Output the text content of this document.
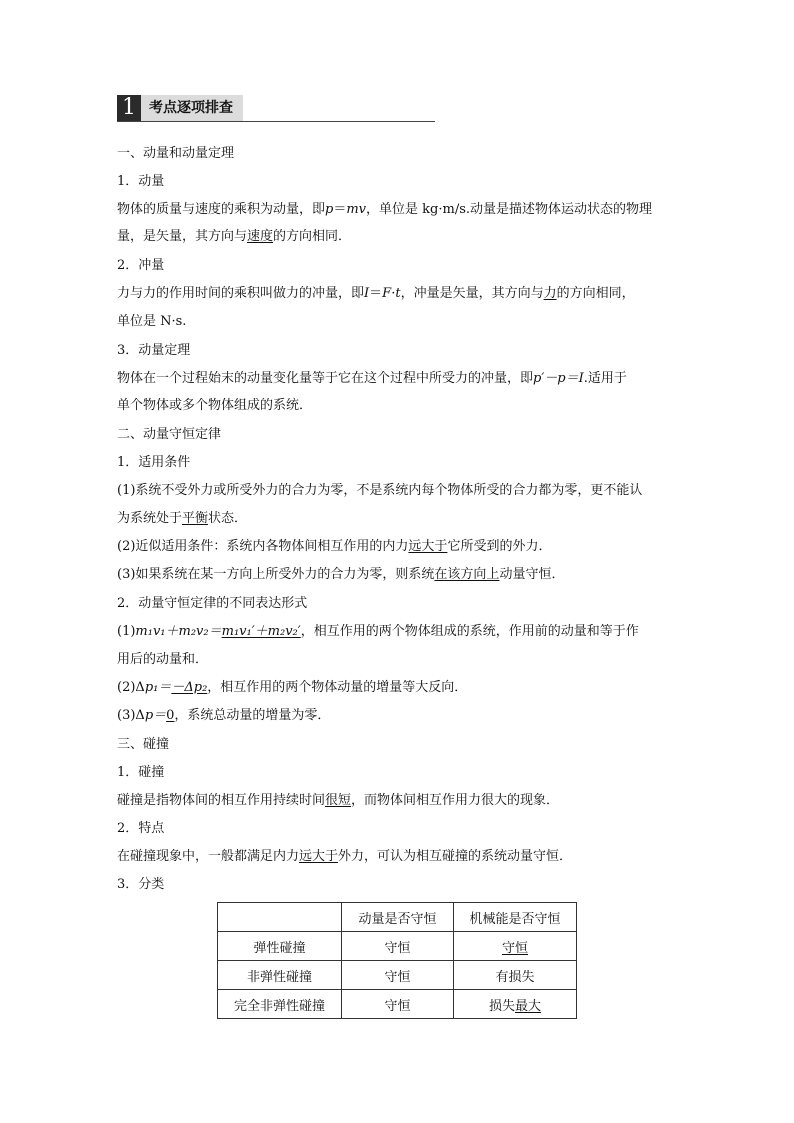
1 考点逐项排查
一、动量和动量定理
1．动量
物体的质量与速度的乘积为动量，即p＝mv，单位是 kg·m/s.动量是描述物体运动状态的物理
量，是矢量，其方向与速度的方向相同．
2．冲量
力与力的作用时间的乘积叫做力的冲量，即I＝F·t，冲量是矢量，其方向与力的方向相同，
单位是 N·s.
3．动量定理
物体在一个过程始末的动量变化量等于它在这个过程中所受力的冲量，即p′－p＝I.适用于
单个物体或多个物体组成的系统．
二、动量守恒定律
1．适用条件
(1)系统不受外力或所受外力的合力为零，不是系统内每个物体所受的合力都为零，更不能认
为系统处于平衡状态．
(2)近似适用条件：系统内各物体间相互作用的内力远大于它所受到的外力．
(3)如果系统在某一方向上所受外力的合力为零，则系统在该方向上动量守恒．
2．动量守恒定律的不同表达形式
(1)m₁v₁＋m₂v₂＝m₁v₁′＋m₂v₂′，相互作用的两个物体组成的系统，作用前的动量和等于作
用后的动量和．
(2)Δp₁＝－Δp₂，相互作用的两个物体动量的增量等大反向．
(3)Δp＝0，系统总动量的增量为零．
三、碰撞
1．碰撞
碰撞是指物体间的相互作用持续时间很短，而物体间相互作用力很大的现象．
2．特点
在碰撞现象中，一般都满足内力远大于外力，可认为相互碰撞的系统动量守恒．
3．分类
	动量是否守恒	机械能是否守恒
弹性碰撞	守恒	守恒
非弹性碰撞	守恒	有损失
完全非弹性碰撞	守恒	损失最大
